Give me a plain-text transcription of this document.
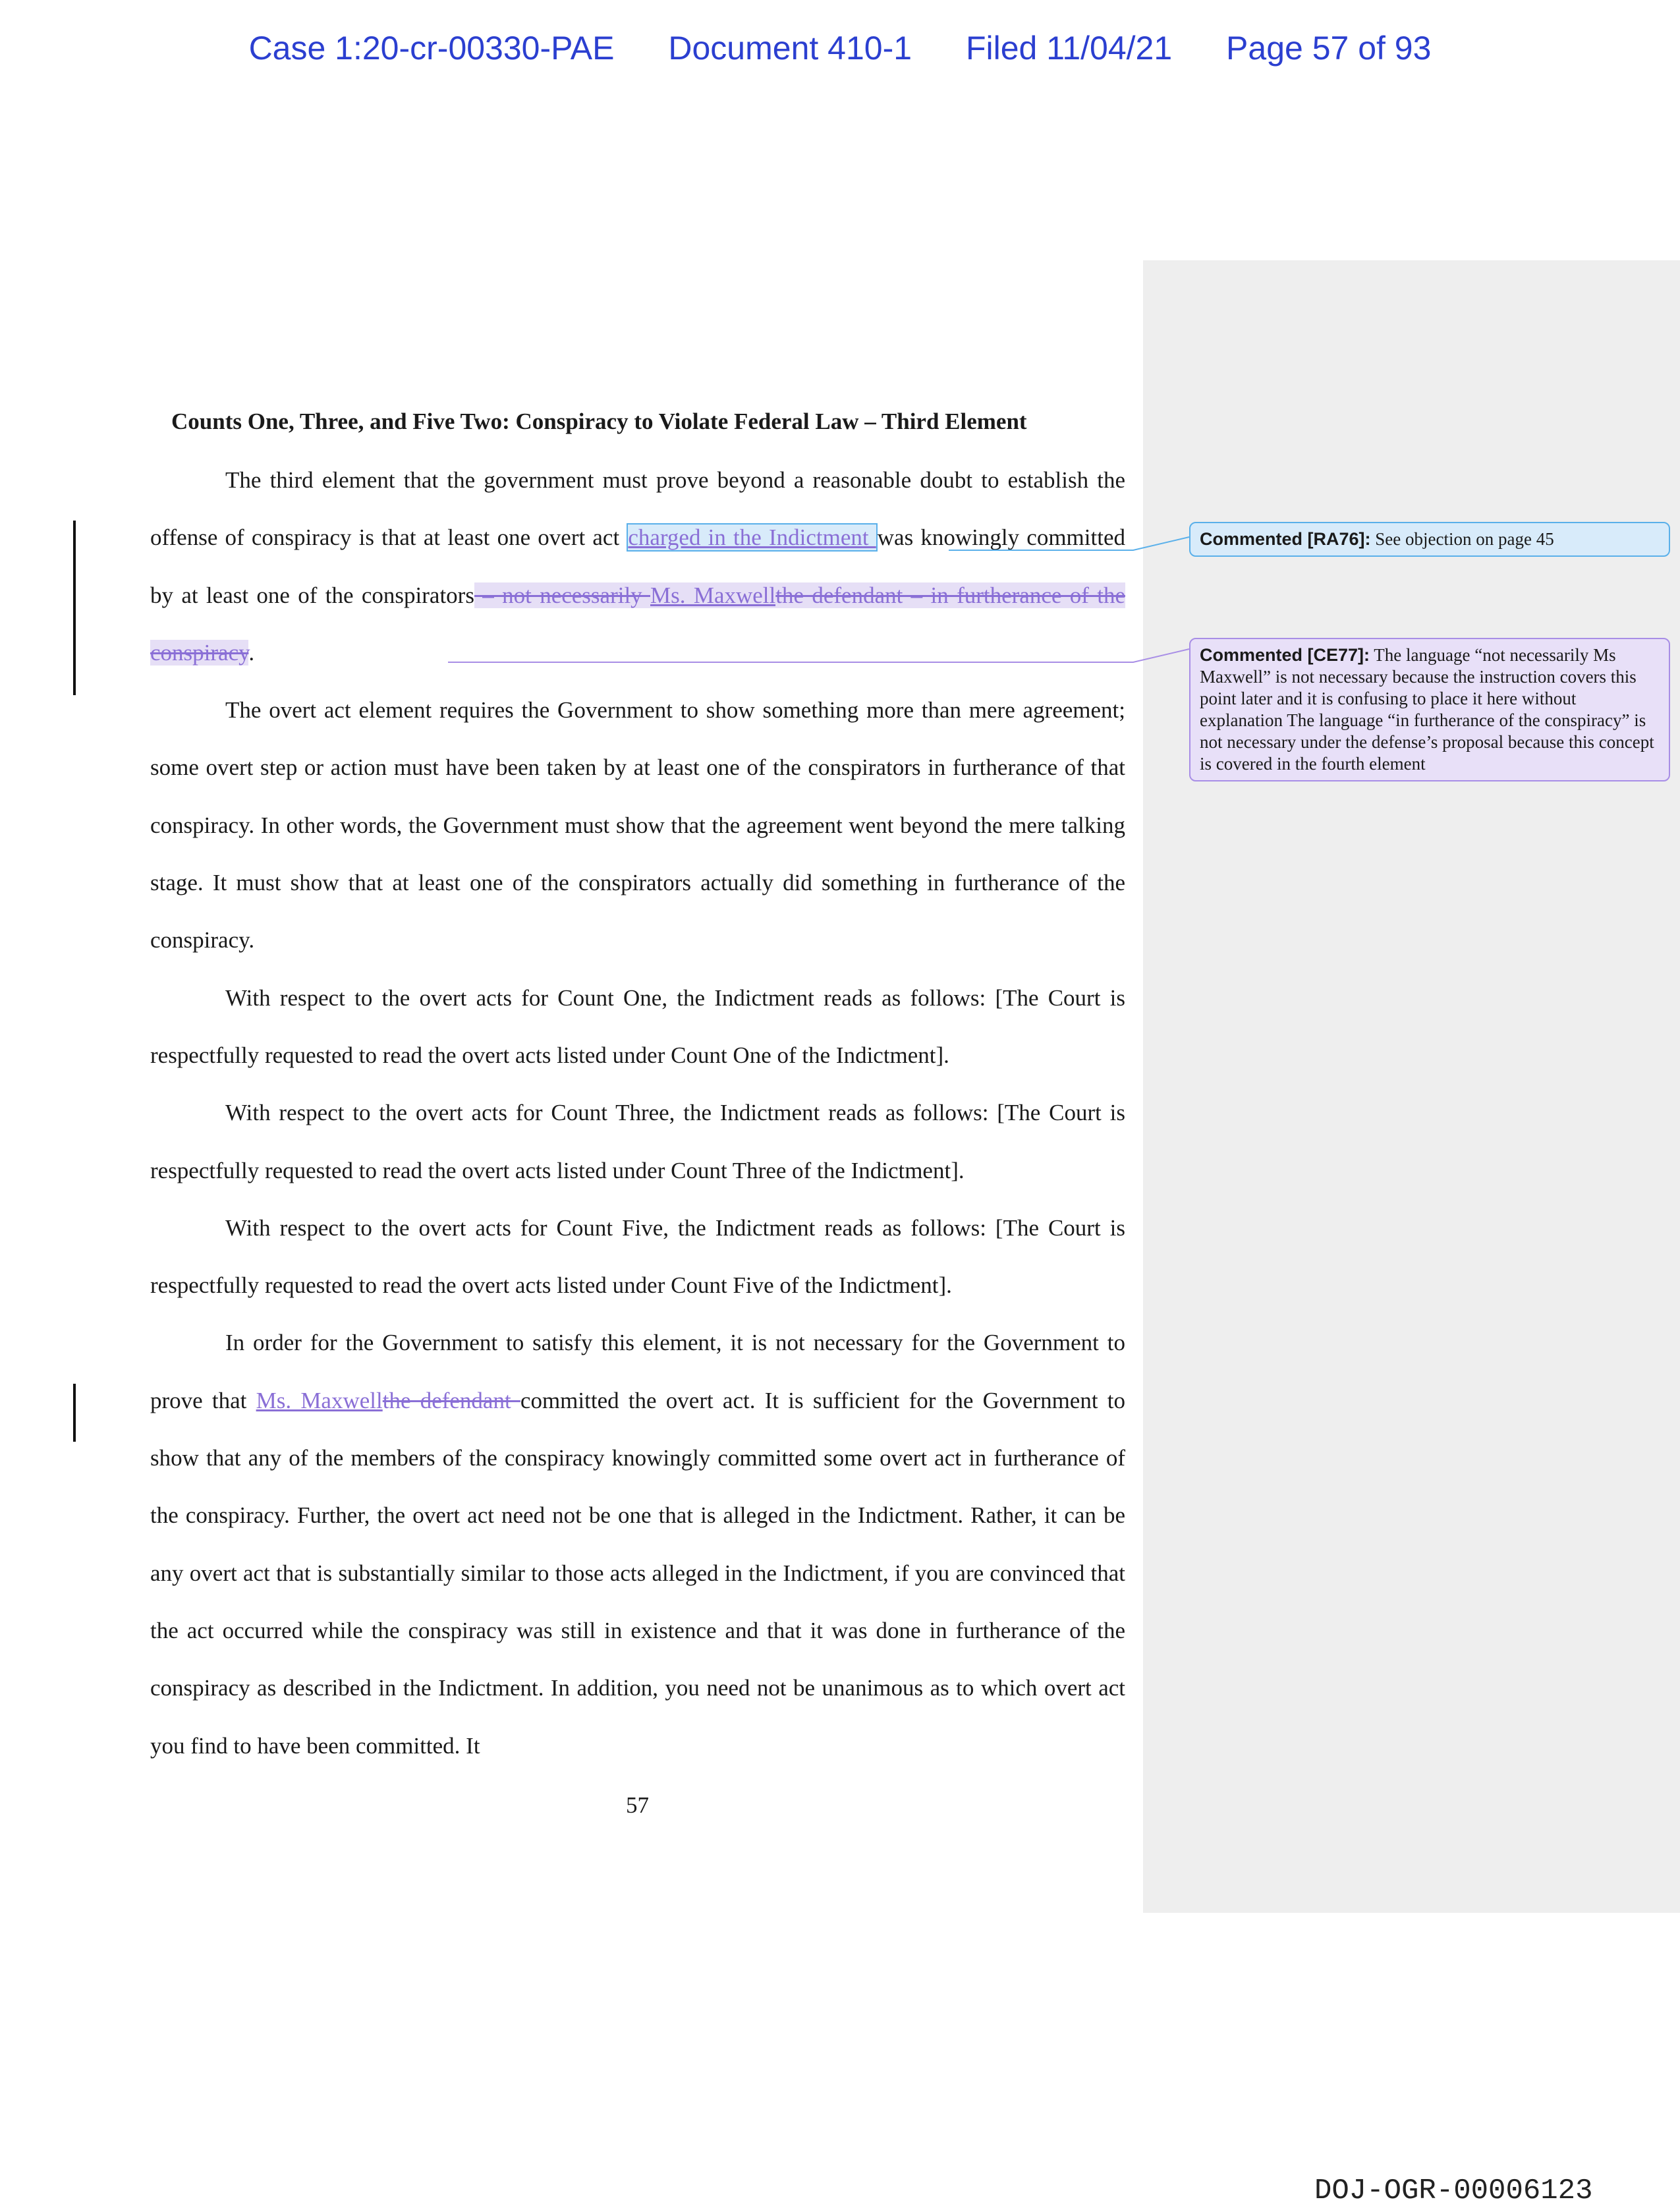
Case 1:20-cr-00330-PAE Document 410-1 Filed 11/04/21 Page 57 of 93
Counts One, Three, and Five Two: Conspiracy to Violate Federal Law – Third Element

The third element that the government must prove beyond a reasonable doubt to establish the offense of conspiracy is that at least one overt act charged in the Indictment was knowingly committed by at least one of the conspirators – not necessarily Ms. Maxwellthe defendant – in furtherance of the conspiracy.

The overt act element requires the Government to show something more than mere agreement; some overt step or action must have been taken by at least one of the conspirators in furtherance of that conspiracy. In other words, the Government must show that the agreement went beyond the mere talking stage. It must show that at least one of the conspirators actually did something in furtherance of the conspiracy.

With respect to the overt acts for Count One, the Indictment reads as follows: [The Court is respectfully requested to read the overt acts listed under Count One of the Indictment].

With respect to the overt acts for Count Three, the Indictment reads as follows: [The Court is respectfully requested to read the overt acts listed under Count Three of the Indictment].

With respect to the overt acts for Count Five, the Indictment reads as follows: [The Court is respectfully requested to read the overt acts listed under Count Five of the Indictment].

In order for the Government to satisfy this element, it is not necessary for the Government to prove that Ms. Maxwellthe defendant committed the overt act. It is sufficient for the Government to show that any of the members of the conspiracy knowingly committed some overt act in furtherance of the conspiracy. Further, the overt act need not be one that is alleged in the Indictment. Rather, it can be any overt act that is substantially similar to those acts alleged in the Indictment, if you are convinced that the act occurred while the conspiracy was still in existence and that it was done in furtherance of the conspiracy as described in the Indictment. In addition, you need not be unanimous as to which overt act you find to have been committed. It

Commented [RA76]: See objection on page 45
Commented [CE77]: The language “not necessarily Ms Maxwell” is not necessary because the instruction covers this point later and it is confusing to place it here without explanation The language “in furtherance of the conspiracy” is not necessary under the defense’s proposal because this concept is covered in the fourth element
57
DOJ-OGR-00006123
